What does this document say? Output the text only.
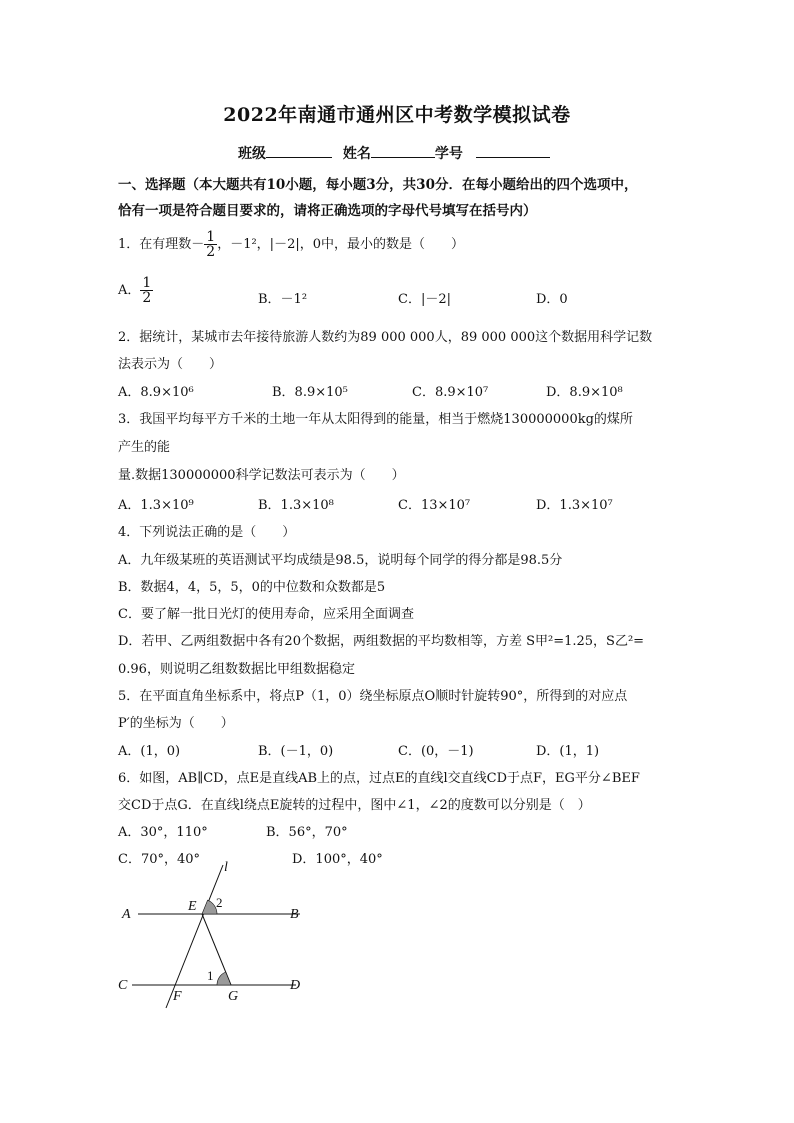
2022年南通市通州区中考数学模拟试卷
班级	姓名	学号
一、选择题（本大题共有10小题，每小题3分，共30分．在每小题给出的四个选项中，
恰有一项是符合题目要求的，请将正确选项的字母代号填写在括号内）
1．在有理数－ $\frac{1}{2}$ ，－1²，|－2|，0中，最小的数是（　　）
A． $\frac{1}{2}$	B．－1²	C．|－2|	D．0
2．据统计，某城市去年接待旅游人数约为89 000 000人，89 000 000这个数据用科学记数
法表示为（　　）
A．8.9×10⁶	B．8.9×10⁵	C．8.9×10⁷	D．8.9×10⁸
3．我国平均每平方千米的土地一年从太阳得到的能量，相当于燃烧130000000kg的煤所
产生的能
量.数据130000000科学记数法可表示为（　　）
A．1.3×10⁹	B．1.3×10⁸	C．13×10⁷	D．1.3×10⁷
4．下列说法正确的是（　　）
A．九年级某班的英语测试平均成绩是98.5，说明每个同学的得分都是98.5分
B．数据4，4，5，5，0的中位数和众数都是5
C．要了解一批日光灯的使用寿命，应采用全面调查
D．若甲、乙两组数据中各有20个数据，两组数据的平均数相等，方差 S甲²=1.25，S乙²=
0.96，则说明乙组数数据比甲组数据稳定
5．在平面直角坐标系中，将点P（1，0）绕坐标原点O顺时针旋转90°，所得到的对应点
P′的坐标为（　　）
A．(1，0)	B．(－1，0)	C．(0，－1)	D．(1，1)
6．如图，AB∥CD，点E是直线AB上的点，过点E的直线l交直线CD于点F，EG平分∠BEF
交CD于点G．在直线l绕点E旋转的过程中，图中∠1，∠2的度数可以分别是（　）
A．30°，110°	B．56°，70°
C．70°，40°	D．100°，40°
A	B
C	D
E
F	G
l
2
1
